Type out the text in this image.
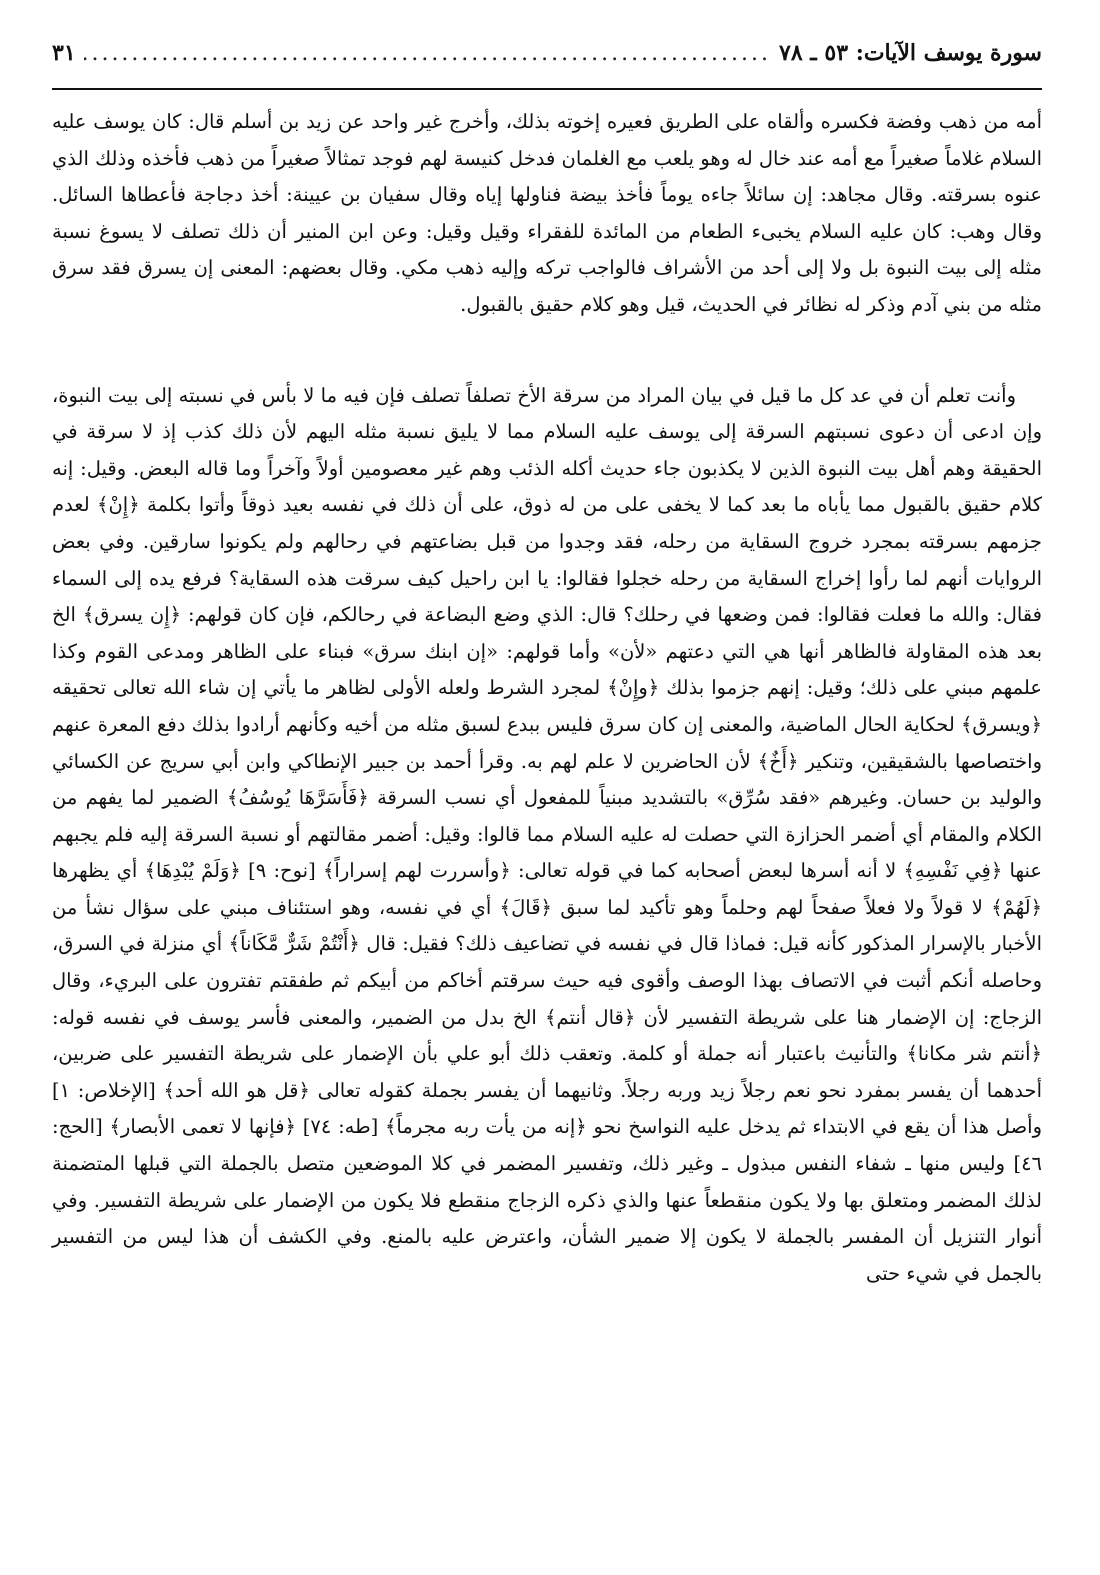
سورة يوسف الآيات: ٥٣ ـ ٧٨
.....
٣١

أمه من ذهب وفضة فكسره وألقاه على الطريق فعيره إخوته بذلك، وأخرج غير واحد عن زيد بن أسلم قال: كان يوسف عليه السلام غلاماً صغيراً مع أمه عند خال له وهو يلعب مع الغلمان فدخل كنيسة لهم فوجد تمثالاً صغيراً من ذهب فأخذه وذلك الذي عنوه بسرقته. وقال مجاهد: إن سائلاً جاءه يوماً فأخذ بيضة فناولها إياه وقال سفيان بن عيينة: أخذ دجاجة فأعطاها السائل. وقال وهب: كان عليه السلام يخبىء الطعام من المائدة للفقراء وقيل وقيل: وعن ابن المنير أن ذلك تصلف لا يسوغ نسبة مثله إلى بيت النبوة بل ولا إلى أحد من الأشراف فالواجب تركه وإليه ذهب مكي. وقال بعضهم: المعنى إن يسرق فقد سرق مثله من بني آدم وذكر له نظائر في الحديث، قيل وهو كلام حقيق بالقبول.

وأنت تعلم أن في عد كل ما قيل في بيان المراد من سرقة الأخ تصلفاً تصلف فإن فيه ما لا بأس في نسبته إلى بيت النبوة، وإن ادعى أن دعوى نسبتهم السرقة إلى يوسف عليه السلام مما لا يليق نسبة مثله اليهم لأن ذلك كذب إذ لا سرقة في الحقيقة وهم أهل بيت النبوة الذين لا يكذبون جاء حديث أكله الذئب وهم غير معصومين أولاً وآخراً وما قاله البعض. وقيل: إنه كلام حقيق بالقبول مما يأباه ما بعد كما لا يخفى على من له ذوق، على أن ذلك في نفسه بعيد ذوقاً وأتوا بكلمة ﴿إِنْ﴾ لعدم جزمهم بسرقته بمجرد خروج السقاية من رحله، فقد وجدوا من قبل بضاعتهم في رحالهم ولم يكونوا سارقين. وفي بعض الروايات أنهم لما رأوا إخراج السقاية من رحله خجلوا فقالوا: يا ابن راحيل كيف سرقت هذه السقاية؟ فرفع يده إلى السماء فقال: والله ما فعلت فقالوا: فمن وضعها في رحلك؟ قال: الذي وضع البضاعة في رحالكم، فإن كان قولهم: ﴿إِن يسرق﴾ الخ بعد هذه المقاولة فالظاهر أنها هي التي دعتهم «لأن» وأما قولهم: «إن ابنك سرق» فبناء على الظاهر ومدعى القوم وكذا علمهم مبني على ذلك؛ وقيل: إنهم جزموا بذلك ﴿وإِنْ﴾ لمجرد الشرط ولعله الأولى لظاهر ما يأتي إن شاء الله تعالى تحقيقه ﴿ويسرق﴾ لحكاية الحال الماضية، والمعنى إن كان سرق فليس ببدع لسبق مثله من أخيه وكأنهم أرادوا بذلك دفع المعرة عنهم واختصاصها بالشقيقين، وتنكير ﴿أَخٌ﴾ لأن الحاضرين لا علم لهم به. وقرأ أحمد بن جبير الإنطاكي وابن أبي سريج عن الكسائي والوليد بن حسان. وغيرهم «فقد سُرِّق» بالتشديد مبنياً للمفعول أي نسب السرقة ﴿فَأَسَرَّهَا يُوسُفُ﴾ الضمير لما يفهم من الكلام والمقام أي أضمر الحزازة التي حصلت له عليه السلام مما قالوا: وقيل: أضمر مقالتهم أو نسبة السرقة إليه فلم يجبهم عنها ﴿فِي نَفْسِهِ﴾ لا أنه أسرها لبعض أصحابه كما في قوله تعالى: ﴿وأسررت لهم إسراراً﴾ [نوح: ٩] ﴿وَلَمْ يُبْدِهَا﴾ أي يظهرها ﴿لَهُمْ﴾ لا قولاً ولا فعلاً صفحاً لهم وحلماً وهو تأكيد لما سبق ﴿قَالَ﴾ أي في نفسه، وهو استئناف مبني على سؤال نشأ من الأخبار بالإسرار المذكور كأنه قيل: فماذا قال في نفسه في تضاعيف ذلك؟ فقيل: قال ﴿أَنْتُمْ شَرٌّ مَّكَاناً﴾ أي منزلة في السرق، وحاصله أنكم أثبت في الاتصاف بهذا الوصف وأقوى فيه حيث سرقتم أخاكم من أبيكم ثم طفقتم تفترون على البريء، وقال الزجاج: إن الإضمار هنا على شريطة التفسير لأن ﴿قال أنتم﴾ الخ بدل من الضمير، والمعنى فأسر يوسف في نفسه قوله: ﴿أنتم شر مكانا﴾ والتأنيث باعتبار أنه جملة أو كلمة. وتعقب ذلك أبو علي بأن الإضمار على شريطة التفسير على ضربين، أحدهما أن يفسر بمفرد نحو نعم رجلاً زيد وربه رجلاً. وثانيهما أن يفسر بجملة كقوله تعالى ﴿قل هو الله أحد﴾ [الإخلاص: ١] وأصل هذا أن يقع في الابتداء ثم يدخل عليه النواسخ نحو ﴿إنه من يأت ربه مجرماً﴾ [طه: ٧٤] ﴿فإنها لا تعمى الأبصار﴾ [الحج: ٤٦] وليس منها ـ شفاء النفس مبذول ـ وغير ذلك، وتفسير المضمر في كلا الموضعين متصل بالجملة التي قبلها المتضمنة لذلك المضمر ومتعلق بها ولا يكون منقطعاً عنها والذي ذكره الزجاج منقطع فلا يكون من الإضمار على شريطة التفسير. وفي أنوار التنزيل أن المفسر بالجملة لا يكون إلا ضمير الشأن، واعترض عليه بالمنع. وفي الكشف أن هذا ليس من التفسير بالجمل في شيء حتى
